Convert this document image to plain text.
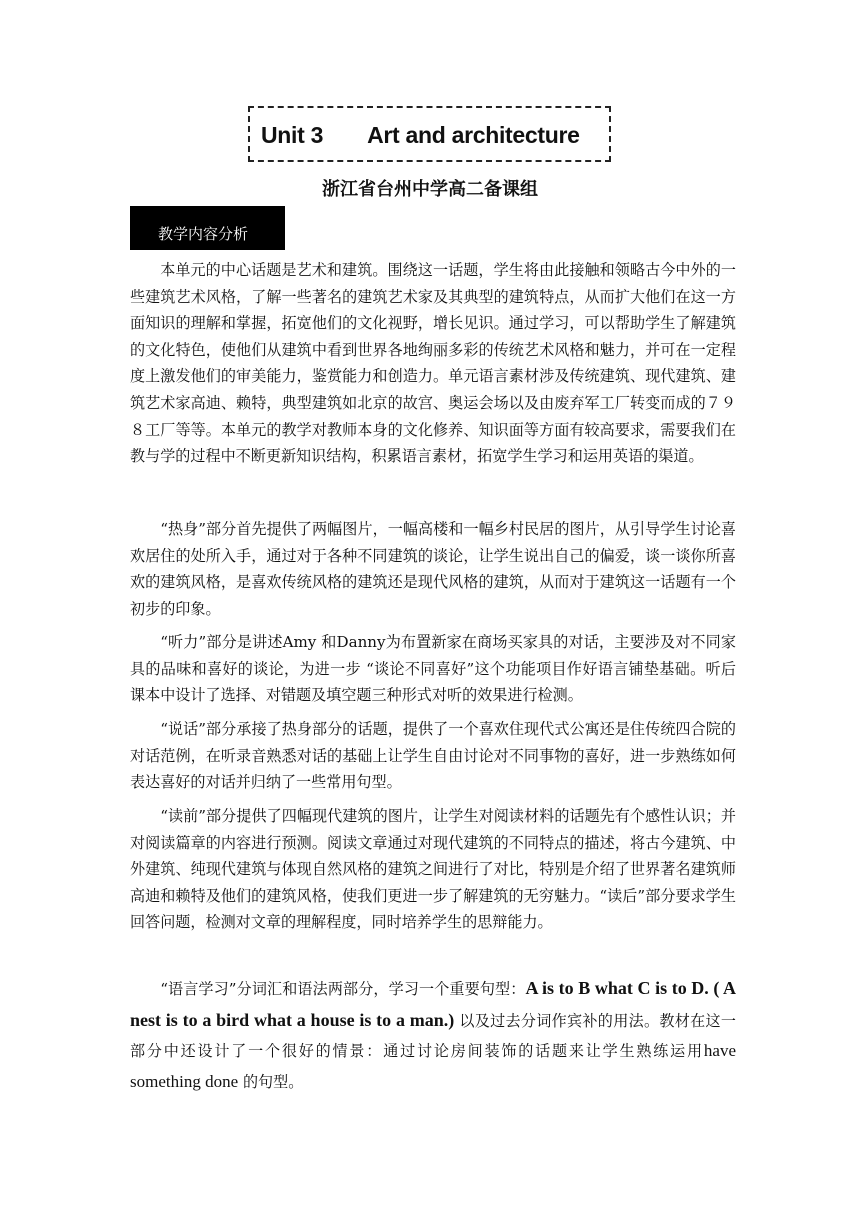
Unit 3 Art and architecture
浙江省台州中学高二备课组
教学内容分析

本单元的中心话题是艺术和建筑。围绕这一话题，学生将由此接触和领略古今中外的一些建筑艺术风格，了解一些著名的建筑艺术家及其典型的建筑特点，从而扩大他们在这一方面知识的理解和掌握，拓宽他们的文化视野，增长见识。通过学习，可以帮助学生了解建筑的文化特色，使他们从建筑中看到世界各地绚丽多彩的传统艺术风格和魅力，并可在一定程度上激发他们的审美能力，鉴赏能力和创造力。单元语言素材涉及传统建筑、现代建筑、建筑艺术家高迪、赖特，典型建筑如北京的故宫、奥运会场以及由废弃军工厂转变而成的７９８工厂等等。本单元的教学对教师本身的文化修养、知识面等方面有较高要求，需要我们在教与学的过程中不断更新知识结构，积累语言素材，拓宽学生学习和运用英语的渠道。

“热身”部分首先提供了两幅图片，一幅高楼和一幅乡村民居的图片，从引导学生讨论喜欢居住的处所入手，通过对于各种不同建筑的谈论，让学生说出自己的偏爱，谈一谈你所喜欢的建筑风格，是喜欢传统风格的建筑还是现代风格的建筑，从而对于建筑这一话题有一个初步的印象。

“听力”部分是讲述Amy 和Danny为布置新家在商场买家具的对话，主要涉及对不同家具的品味和喜好的谈论，为进一步 “谈论不同喜好”这个功能项目作好语言铺垫基础。听后课本中设计了选择、对错题及填空题三种形式对听的效果进行检测。

“说话”部分承接了热身部分的话题，提供了一个喜欢住现代式公寓还是住传统四合院的对话范例，在听录音熟悉对话的基础上让学生自由讨论对不同事物的喜好，进一步熟练如何表达喜好的对话并归纳了一些常用句型。

“读前”部分提供了四幅现代建筑的图片，让学生对阅读材料的话题先有个感性认识；并对阅读篇章的内容进行预测。阅读文章通过对现代建筑的不同特点的描述，将古今建筑、中外建筑、纯现代建筑与体现自然风格的建筑之间进行了对比，特别是介绍了世界著名建筑师高迪和赖特及他们的建筑风格，使我们更进一步了解建筑的无穷魅力。“读后”部分要求学生回答问题，检测对文章的理解程度，同时培养学生的思辩能力。

“语言学习”分词汇和语法两部分，学习一个重要句型：A is to B what C is to D. ( A nest is to a bird what a house is to a man.) 以及过去分词作宾补的用法。教材在这一部分中还设计了一个很好的情景：通过讨论房间装饰的话题来让学生熟练运用have something done 的句型。
